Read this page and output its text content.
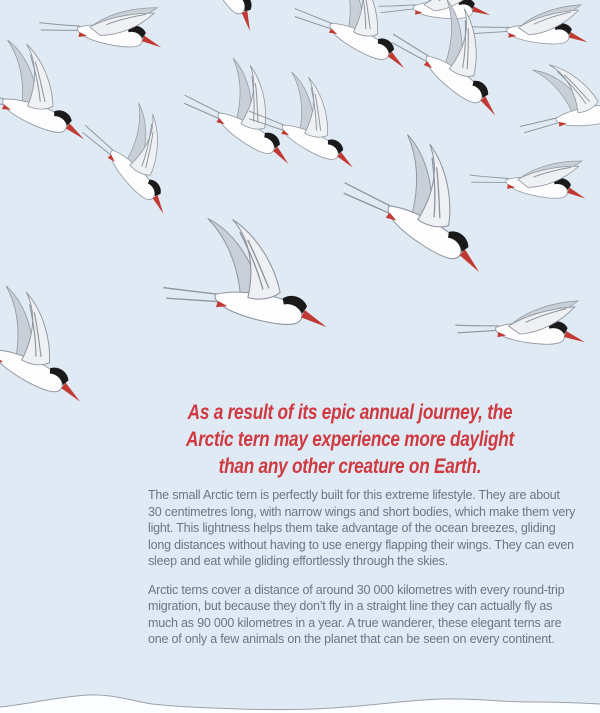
As a result of its epic annual journey, the
Arctic tern may experience more daylight
than any other creature on Earth.

The small Arctic tern is perfectly built for this extreme lifestyle. They are about 30 centimetres long, with narrow wings and short bodies, which make them very light. This lightness helps them take advantage of the ocean breezes, gliding long distances without having to use energy flapping their wings. They can even sleep and eat while gliding effortlessly through the skies.

Arctic terns cover a distance of around 30 000 kilometres with every round-trip migration, but because they don’t fly in a straight line they can actually fly as much as 90 000 kilometres in a year. A true wanderer, these elegant terns are one of only a few animals on the planet that can be seen on every continent.
